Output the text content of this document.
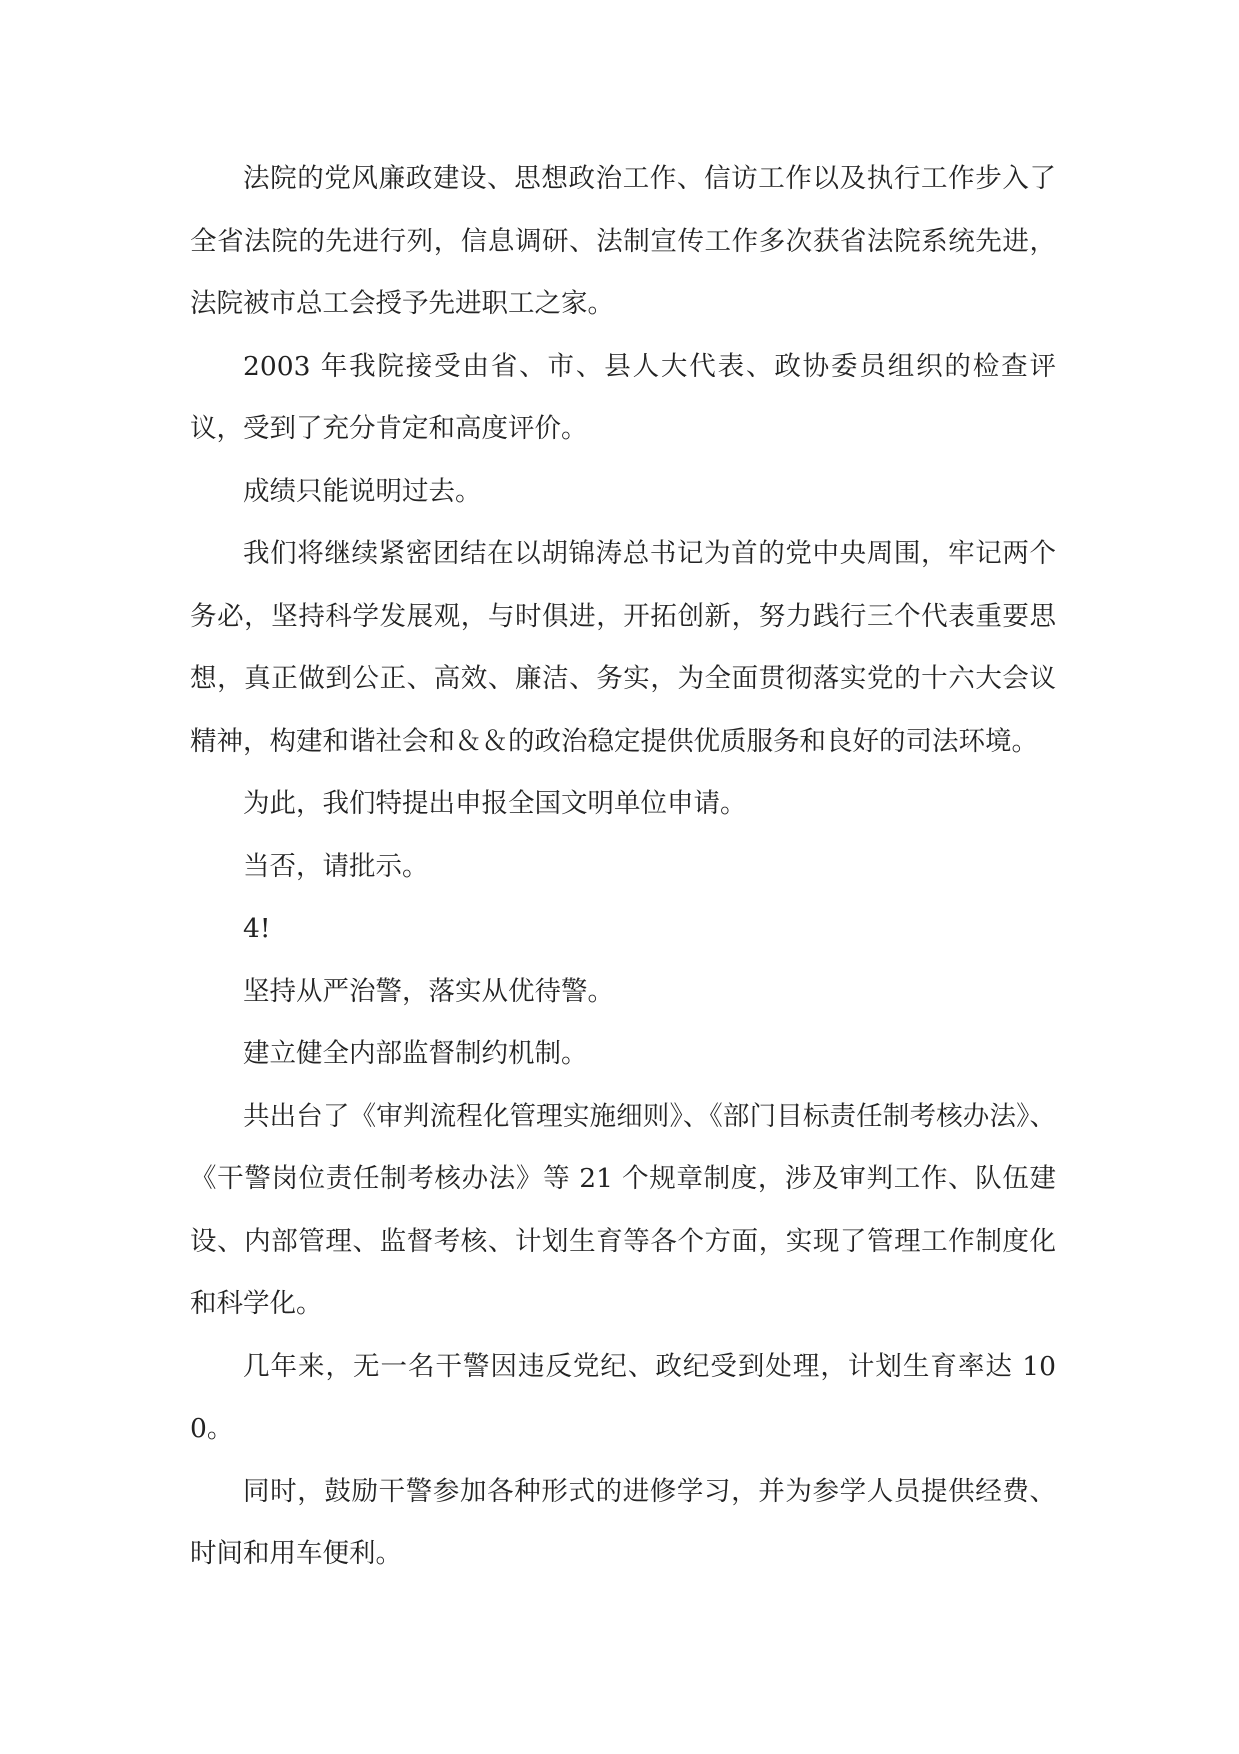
法院的党风廉政建设、思想政治工作、信访工作以及执行工作步入了全省法院的先进行列，信息调研、法制宣传工作多次获省法院系统先进，法院被市总工会授予先进职工之家。

2003 年我院接受由省、市、县人大代表、政协委员组织的检查评议，受到了充分肯定和高度评价。

成绩只能说明过去。

我们将继续紧密团结在以胡锦涛总书记为首的党中央周围，牢记两个务必，坚持科学发展观，与时俱进，开拓创新，努力践行三个代表重要思想，真正做到公正、高效、廉洁、务实，为全面贯彻落实党的十六大会议精神，构建和谐社会和＆＆的政治稳定提供优质服务和良好的司法环境。

为此，我们特提出申报全国文明单位申请。

当否，请批示。

4!

坚持从严治警，落实从优待警。

建立健全内部监督制约机制。

共出台了《审判流程化管理实施细则》、《部门目标责任制考核办法》、《干警岗位责任制考核办法》等 21 个规章制度，涉及审判工作、队伍建设、内部管理、监督考核、计划生育等各个方面，实现了管理工作制度化和科学化。

几年来，无一名干警因违反党纪、政纪受到处理，计划生育率达 100。

同时，鼓励干警参加各种形式的进修学习，并为参学人员提供经费、时间和用车便利。
